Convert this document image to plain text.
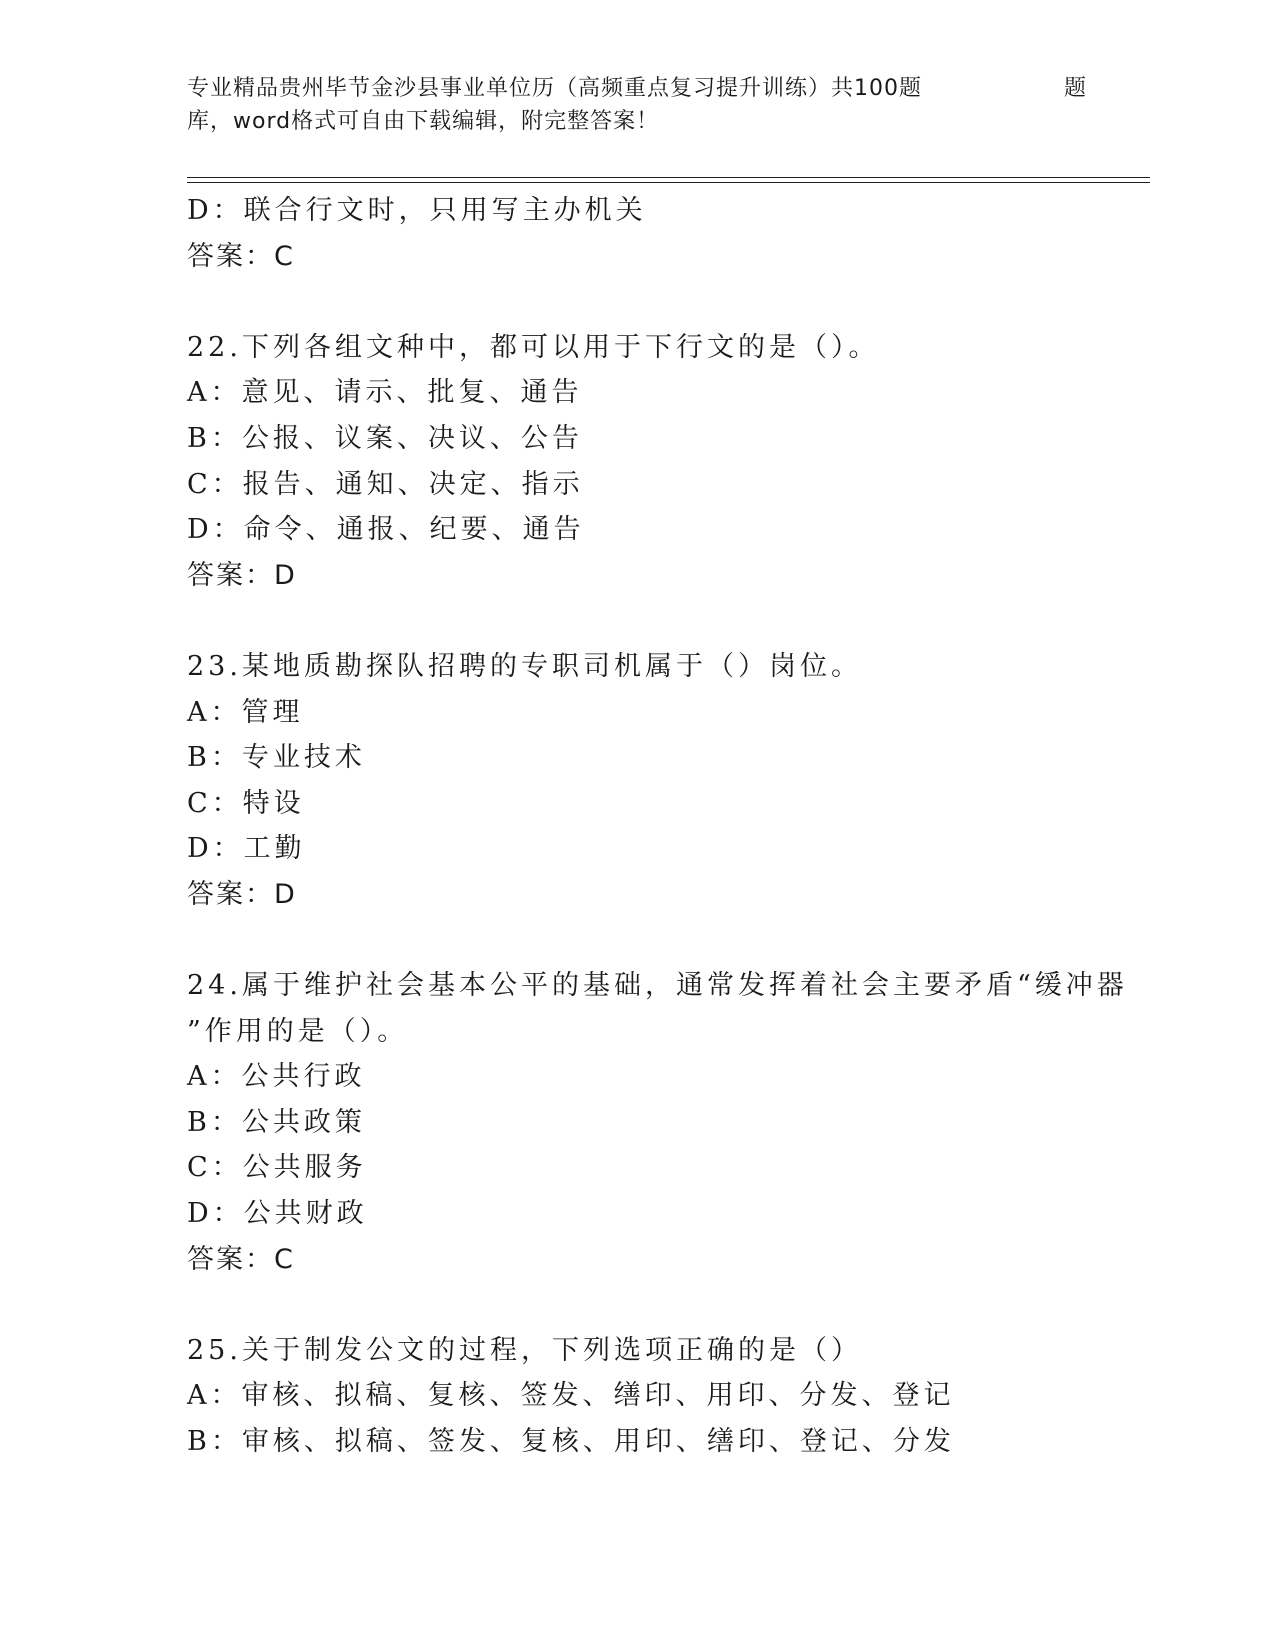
专业精品贵州毕节金沙县事业单位历（高频重点复习提升训练）共100题	题
库，word格式可自由下载编辑，附完整答案！
D：联合行文时，只用写主办机关
答案：C
22.下列各组文种中，都可以用于下行文的是（）。
A：意见、请示、批复、通告
B：公报、议案、决议、公告
C：报告、通知、决定、指示
D：命令、通报、纪要、通告
答案：D
23.某地质勘探队招聘的专职司机属于（）岗位。
A：管理
B：专业技术
C：特设
D：工勤
答案：D
24.属于维护社会基本公平的基础，通常发挥着社会主要矛盾“缓冲器
”作用的是（）。
A：公共行政
B：公共政策
C：公共服务
D：公共财政
答案：C
25.关于制发公文的过程，下列选项正确的是（）
A：审核、拟稿、复核、签发、缮印、用印、分发、登记
B：审核、拟稿、签发、复核、用印、缮印、登记、分发
